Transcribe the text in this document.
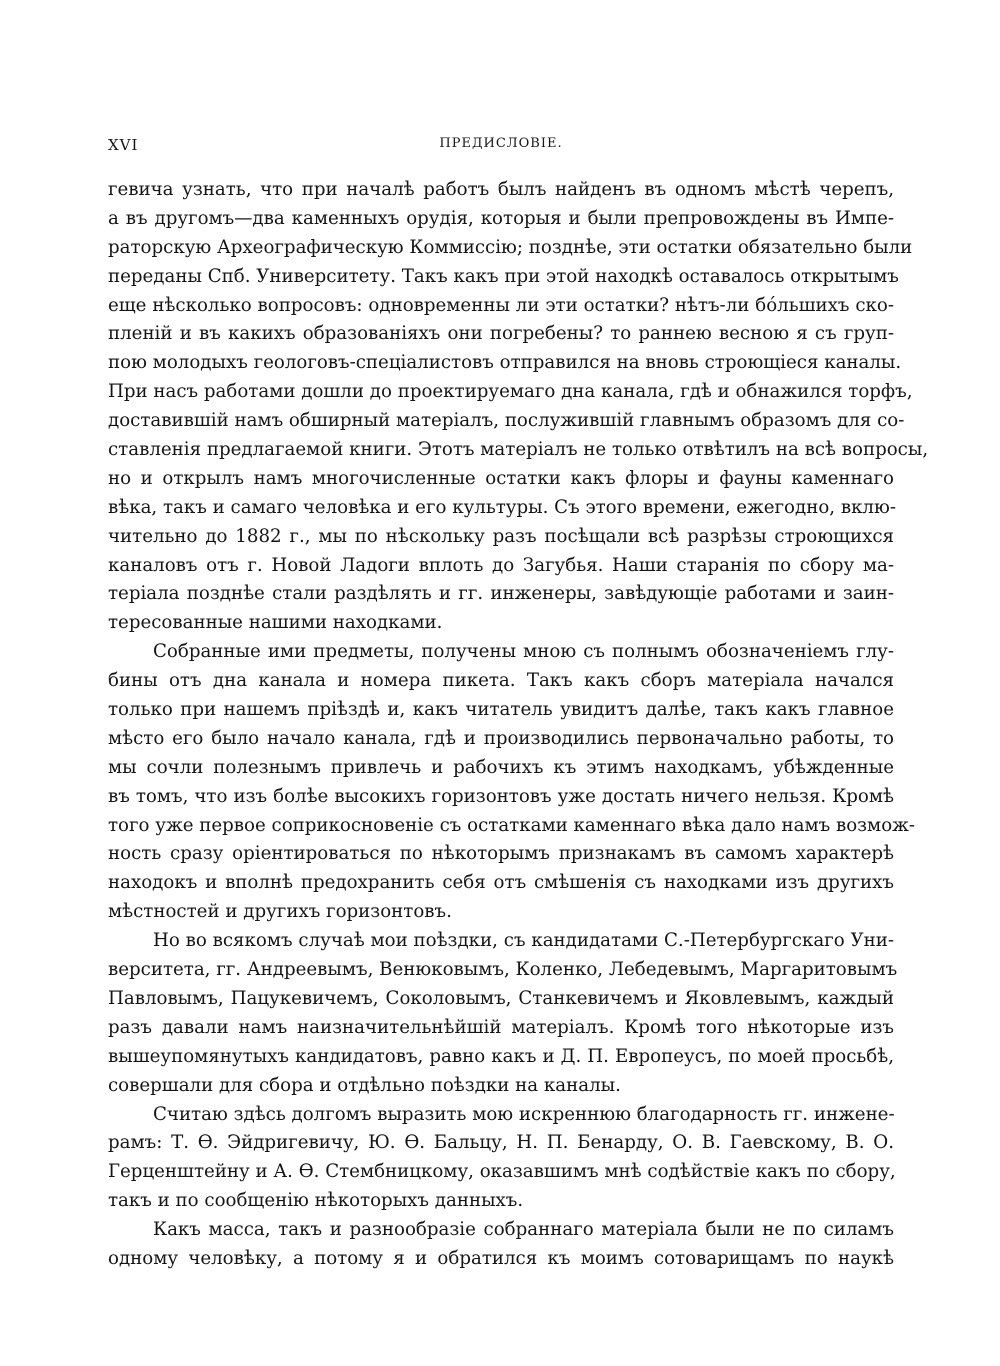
XVI	ПРЕДИСЛОВІЕ.

гевича узнать, что при началѣ работъ былъ найденъ въ одномъ мѣстѣ черепъ,
а въ другомъ—два каменныхъ орудія, которыя и были препровождены въ Импе-
раторскую Археографическую Коммиссію; позднѣе, эти остатки обязательно были
переданы Спб. Университету. Такъ какъ при этой находкѣ оставалось открытымъ
еще нѣсколько вопросовъ: одновременны ли эти остатки? нѣтъ-ли бóльшихъ ско-
пленій и въ какихъ образованіяхъ они погребены? то раннею весною я съ груп-
пою молодыхъ геологовъ-спеціалистовъ отправился на вновь строющіеся каналы.
При насъ работами дошли до проектируемаго дна канала, гдѣ и обнажился торфъ,
доставившій намъ обширный матеріалъ, послужившій главнымъ образомъ для со-
ставленія предлагаемой книги. Этотъ матеріалъ не только отвѣтилъ на всѣ вопросы,
но и открылъ намъ многочисленные остатки какъ флоры и фауны каменнаго
вѣка, такъ и самаго человѣка и его культуры. Съ этого времени, ежегодно, вклю-
чительно до 1882 г., мы по нѣскольку разъ посѣщали всѣ разрѣзы строющихся
каналовъ отъ г. Новой Ладоги вплоть до Загубья. Наши старанія по сбору ма-
теріала позднѣе стали раздѣлять и гг. инженеры, завѣдующіе работами и заин-
тересованные нашими находками.

Собранные ими предметы, получены мною съ полнымъ обозначеніемъ глу-
бины отъ дна канала и номера пикета. Такъ какъ сборъ матеріала начался
только при нашемъ пріѣздѣ и, какъ читатель увидитъ далѣе, такъ какъ главное
мѣсто его было начало канала, гдѣ и производились первоначально работы, то
мы сочли полезнымъ привлечь и рабочихъ къ этимъ находкамъ, убѣжденные
въ томъ, что изъ болѣе высокихъ горизонтовъ уже достать ничего нельзя. Кромѣ
того уже первое соприкосновеніе съ остатками каменнаго вѣка дало намъ возмож-
ность сразу оріентироваться по нѣкоторымъ признакамъ въ самомъ характерѣ
находокъ и вполнѣ предохранить себя отъ смѣшенія съ находками изъ другихъ
мѣстностей и другихъ горизонтовъ.

Но во всякомъ случаѣ мои поѣздки, съ кандидатами С.-Петербургскаго Уни-
верситета, гг. Андреевымъ, Венюковымъ, Коленко, Лебедевымъ, Маргаритовымъ
Павловымъ, Пацукевичемъ, Соколовымъ, Станкевичемъ и Яковлевымъ, каждый
разъ давали намъ наизначительнѣйшій матеріалъ. Кромѣ того нѣкоторые изъ
вышеупомянутыхъ кандидатовъ, равно какъ и Д. П. Европеусъ, по моей просьбѣ,
совершали для сбора и отдѣльно поѣздки на каналы.

Считаю здѣсь долгомъ выразить мою искреннюю благодарность гг. инжене-
рамъ: Т. Ѳ. Эйдригевичу, Ю. Ѳ. Бальцу, Н. П. Бенарду, О. В. Гаевскому, В. О.
Герценштейну и А. Ѳ. Стембницкому, оказавшимъ мнѣ содѣйствіе какъ по сбору,
такъ и по сообщенію нѣкоторыхъ данныхъ.

Какъ масса, такъ и разнообразіе собраннаго матеріала были не по силамъ
одному человѣку, а потому я и обратился къ моимъ сотоварищамъ по наукѣ
